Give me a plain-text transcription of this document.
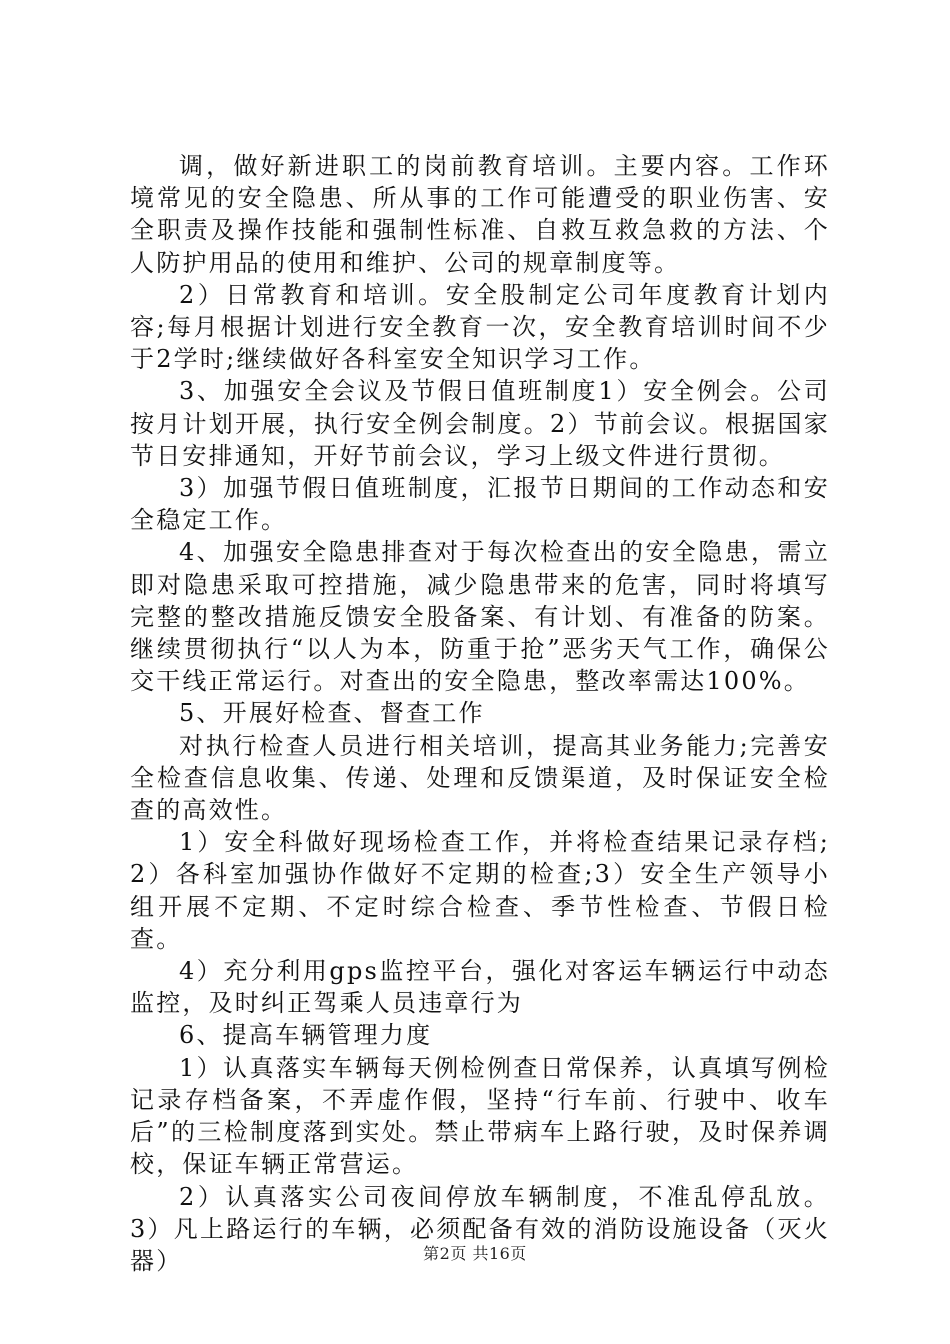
调，做好新进职工的岗前教育培训。主要内容。工作环境常见的安全隐患、所从事的工作可能遭受的职业伤害、安全职责及操作技能和强制性标准、自救互救急救的方法、个人防护用品的使用和维护、公司的规章制度等。

2）日常教育和培训。安全股制定公司年度教育计划内容;每月根据计划进行安全教育一次，安全教育培训时间不少于2学时;继续做好各科室安全知识学习工作。

3、加强安全会议及节假日值班制度1）安全例会。公司按月计划开展，执行安全例会制度。2）节前会议。根据国家节日安排通知，开好节前会议，学习上级文件进行贯彻。

3）加强节假日值班制度，汇报节日期间的工作动态和安全稳定工作。

4、加强安全隐患排查对于每次检查出的安全隐患，需立即对隐患采取可控措施，减少隐患带来的危害，同时将填写完整的整改措施反馈安全股备案、有计划、有准备的防案。继续贯彻执行“以人为本，防重于抢”恶劣天气工作，确保公交干线正常运行。对查出的安全隐患，整改率需达100%。

5、开展好检查、督查工作

对执行检查人员进行相关培训，提高其业务能力;完善安全检查信息收集、传递、处理和反馈渠道，及时保证安全检查的高效性。

1）安全科做好现场检查工作，并将检查结果记录存档;2）各科室加强协作做好不定期的检查;3）安全生产领导小组开展不定期、不定时综合检查、季节性检查、节假日检查。

4）充分利用gps监控平台，强化对客运车辆运行中动态监控，及时纠正驾乘人员违章行为

6、提高车辆管理力度

1）认真落实车辆每天例检例查日常保养，认真填写例检记录存档备案，不弄虚作假，坚持“行车前、行驶中、收车后”的三检制度落到实处。禁止带病车上路行驶，及时保养调校，保证车辆正常营运。

2）认真落实公司夜间停放车辆制度，不准乱停乱放。3）凡上路运行的车辆，必须配备有效的消防设施设备（灭火器）	第2页 共16页
